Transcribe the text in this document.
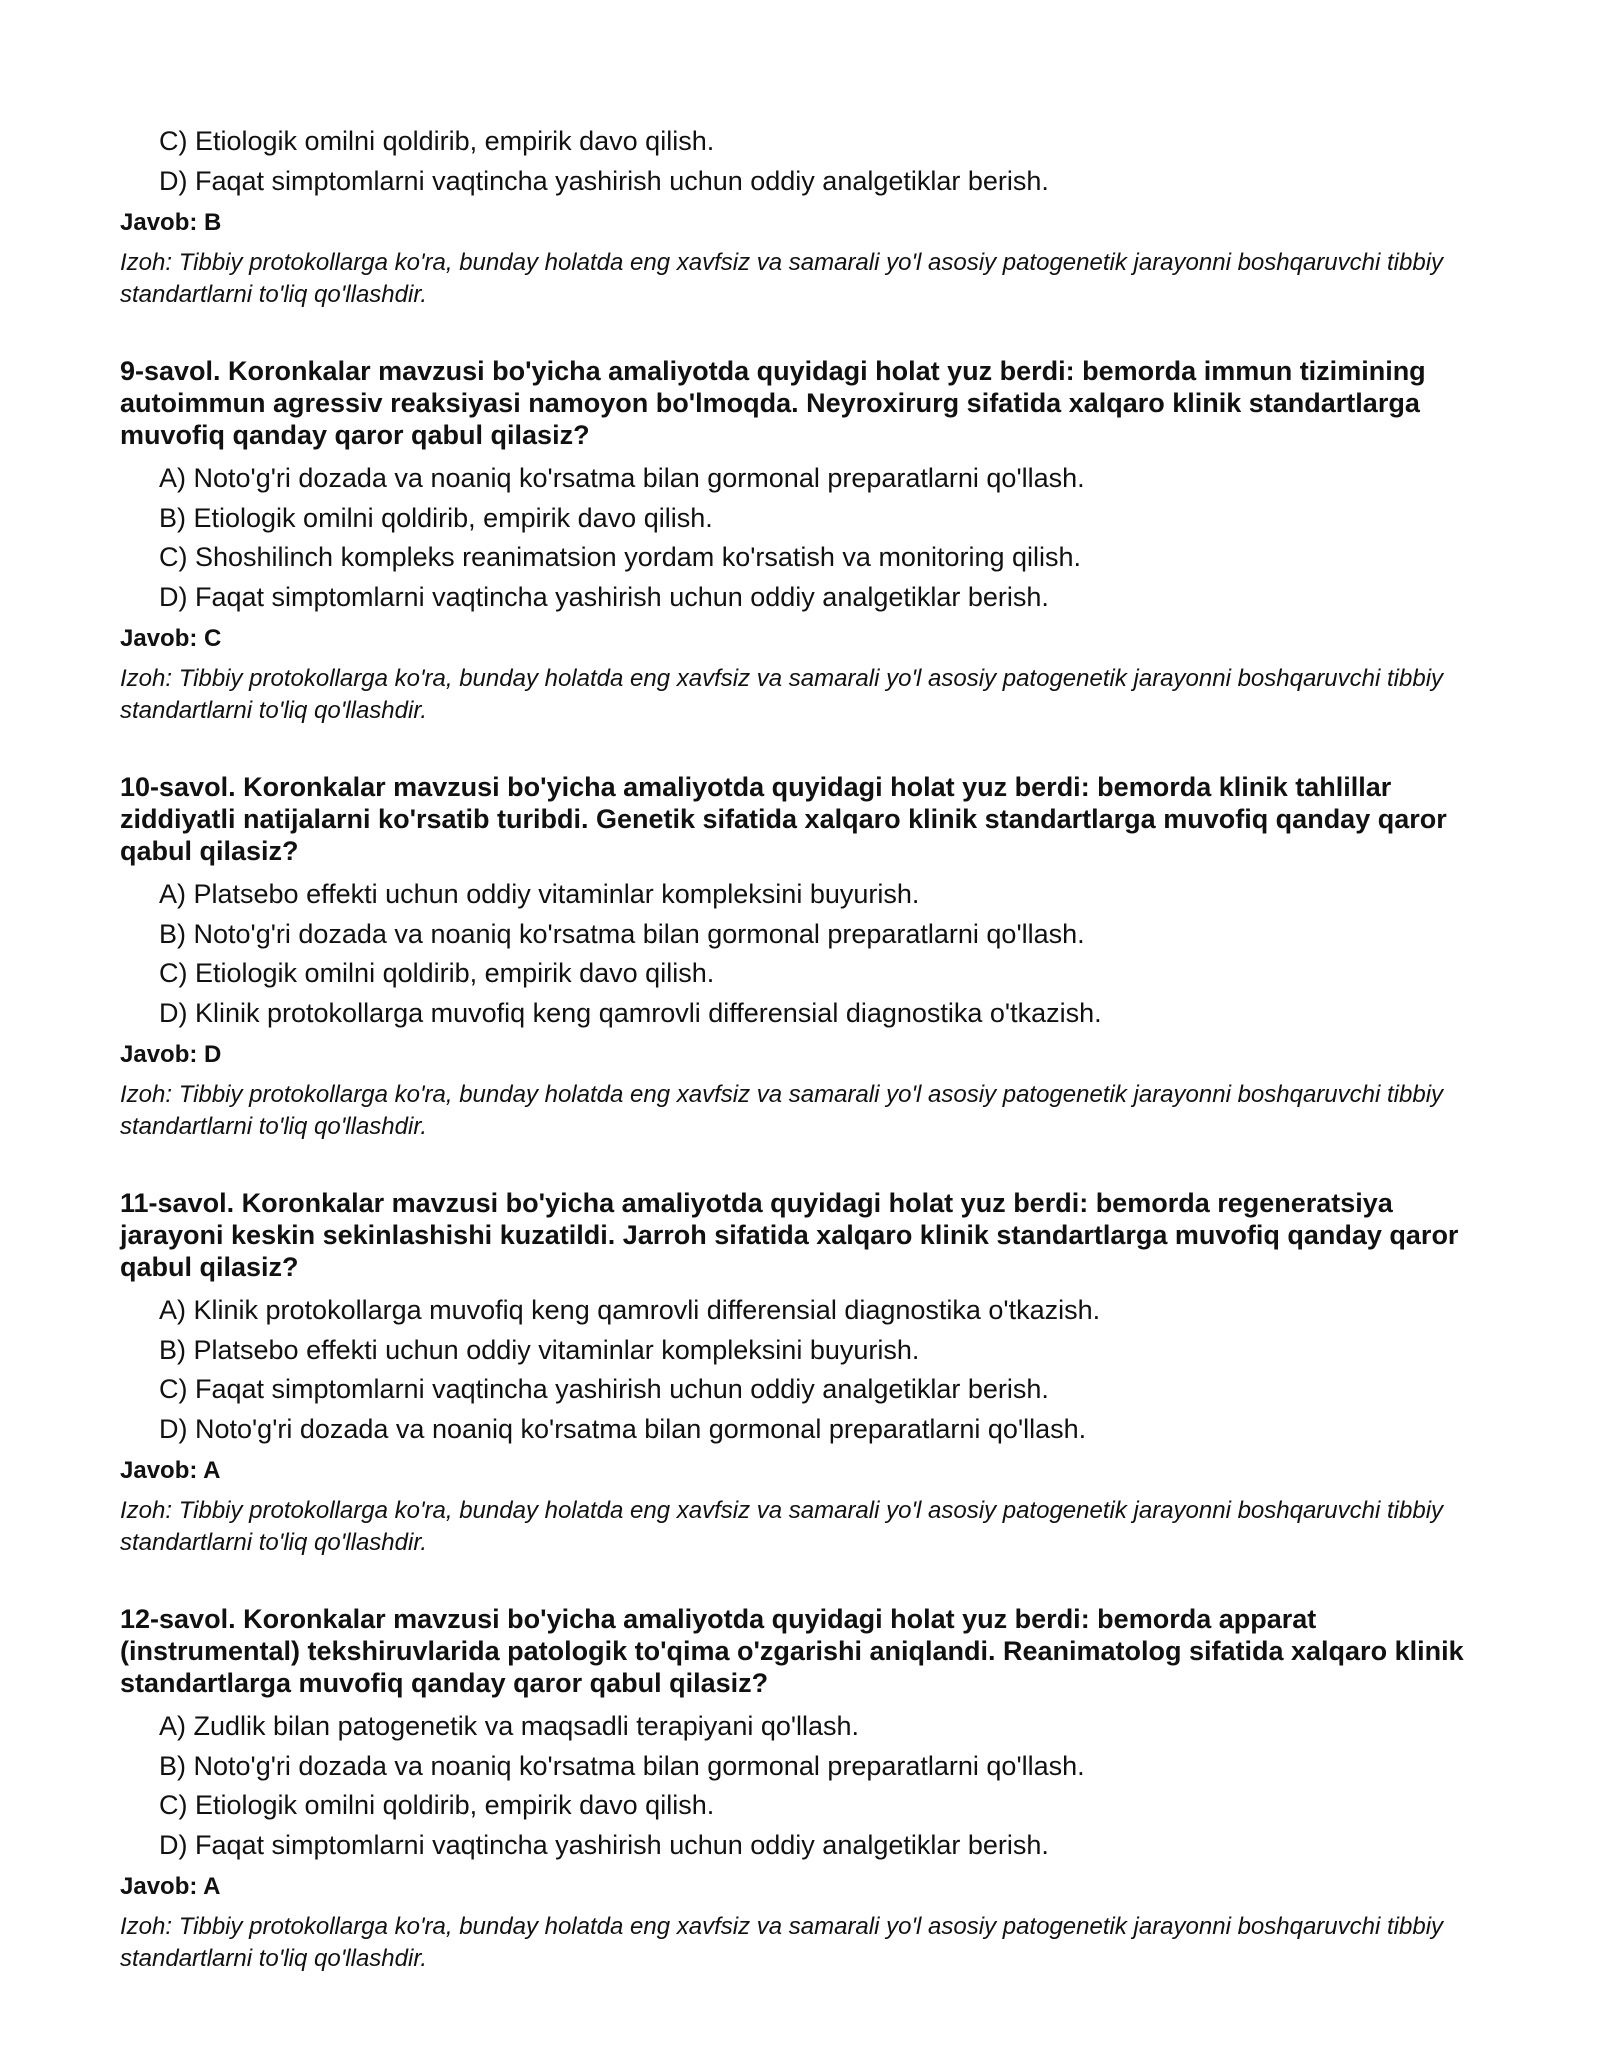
C) Etiologik omilni qoldirib, empirik davo qilish.
D) Faqat simptomlarni vaqtincha yashirish uchun oddiy analgetiklar berish.
Javob: B
Izoh: Tibbiy protokollarga ko'ra, bunday holatda eng xavfsiz va samarali yo'l asosiy patogenetik jarayonni boshqaruvchi tibbiy standartlarni to'liq qo'llashdir.
9-savol. Koronkalar mavzusi bo'yicha amaliyotda quyidagi holat yuz berdi: bemorda immun tizimining autoimmun agressiv reaksiyasi namoyon bo'lmoqda. Neyroxirurg sifatida xalqaro klinik standartlarga muvofiq qanday qaror qabul qilasiz?
A) Noto'g'ri dozada va noaniq ko'rsatma bilan gormonal preparatlarni qo'llash.
B) Etiologik omilni qoldirib, empirik davo qilish.
C) Shoshilinch kompleks reanimatsion yordam ko'rsatish va monitoring qilish.
D) Faqat simptomlarni vaqtincha yashirish uchun oddiy analgetiklar berish.
Javob: C
Izoh: Tibbiy protokollarga ko'ra, bunday holatda eng xavfsiz va samarali yo'l asosiy patogenetik jarayonni boshqaruvchi tibbiy standartlarni to'liq qo'llashdir.
10-savol. Koronkalar mavzusi bo'yicha amaliyotda quyidagi holat yuz berdi: bemorda klinik tahlillar ziddiyatli natijalarni ko'rsatib turibdi. Genetik sifatida xalqaro klinik standartlarga muvofiq qanday qaror qabul qilasiz?
A) Platsebo effekti uchun oddiy vitaminlar kompleksini buyurish.
B) Noto'g'ri dozada va noaniq ko'rsatma bilan gormonal preparatlarni qo'llash.
C) Etiologik omilni qoldirib, empirik davo qilish.
D) Klinik protokollarga muvofiq keng qamrovli differensial diagnostika o'tkazish.
Javob: D
Izoh: Tibbiy protokollarga ko'ra, bunday holatda eng xavfsiz va samarali yo'l asosiy patogenetik jarayonni boshqaruvchi tibbiy standartlarni to'liq qo'llashdir.
11-savol. Koronkalar mavzusi bo'yicha amaliyotda quyidagi holat yuz berdi: bemorda regeneratsiya jarayoni keskin sekinlashishi kuzatildi. Jarroh sifatida xalqaro klinik standartlarga muvofiq qanday qaror qabul qilasiz?
A) Klinik protokollarga muvofiq keng qamrovli differensial diagnostika o'tkazish.
B) Platsebo effekti uchun oddiy vitaminlar kompleksini buyurish.
C) Faqat simptomlarni vaqtincha yashirish uchun oddiy analgetiklar berish.
D) Noto'g'ri dozada va noaniq ko'rsatma bilan gormonal preparatlarni qo'llash.
Javob: A
Izoh: Tibbiy protokollarga ko'ra, bunday holatda eng xavfsiz va samarali yo'l asosiy patogenetik jarayonni boshqaruvchi tibbiy standartlarni to'liq qo'llashdir.
12-savol. Koronkalar mavzusi bo'yicha amaliyotda quyidagi holat yuz berdi: bemorda apparat (instrumental) tekshiruvlarida patologik to'qima o'zgarishi aniqlandi. Reanimatolog sifatida xalqaro klinik standartlarga muvofiq qanday qaror qabul qilasiz?
A) Zudlik bilan patogenetik va maqsadli terapiyani qo'llash.
B) Noto'g'ri dozada va noaniq ko'rsatma bilan gormonal preparatlarni qo'llash.
C) Etiologik omilni qoldirib, empirik davo qilish.
D) Faqat simptomlarni vaqtincha yashirish uchun oddiy analgetiklar berish.
Javob: A
Izoh: Tibbiy protokollarga ko'ra, bunday holatda eng xavfsiz va samarali yo'l asosiy patogenetik jarayonni boshqaruvchi tibbiy standartlarni to'liq qo'llashdir.
